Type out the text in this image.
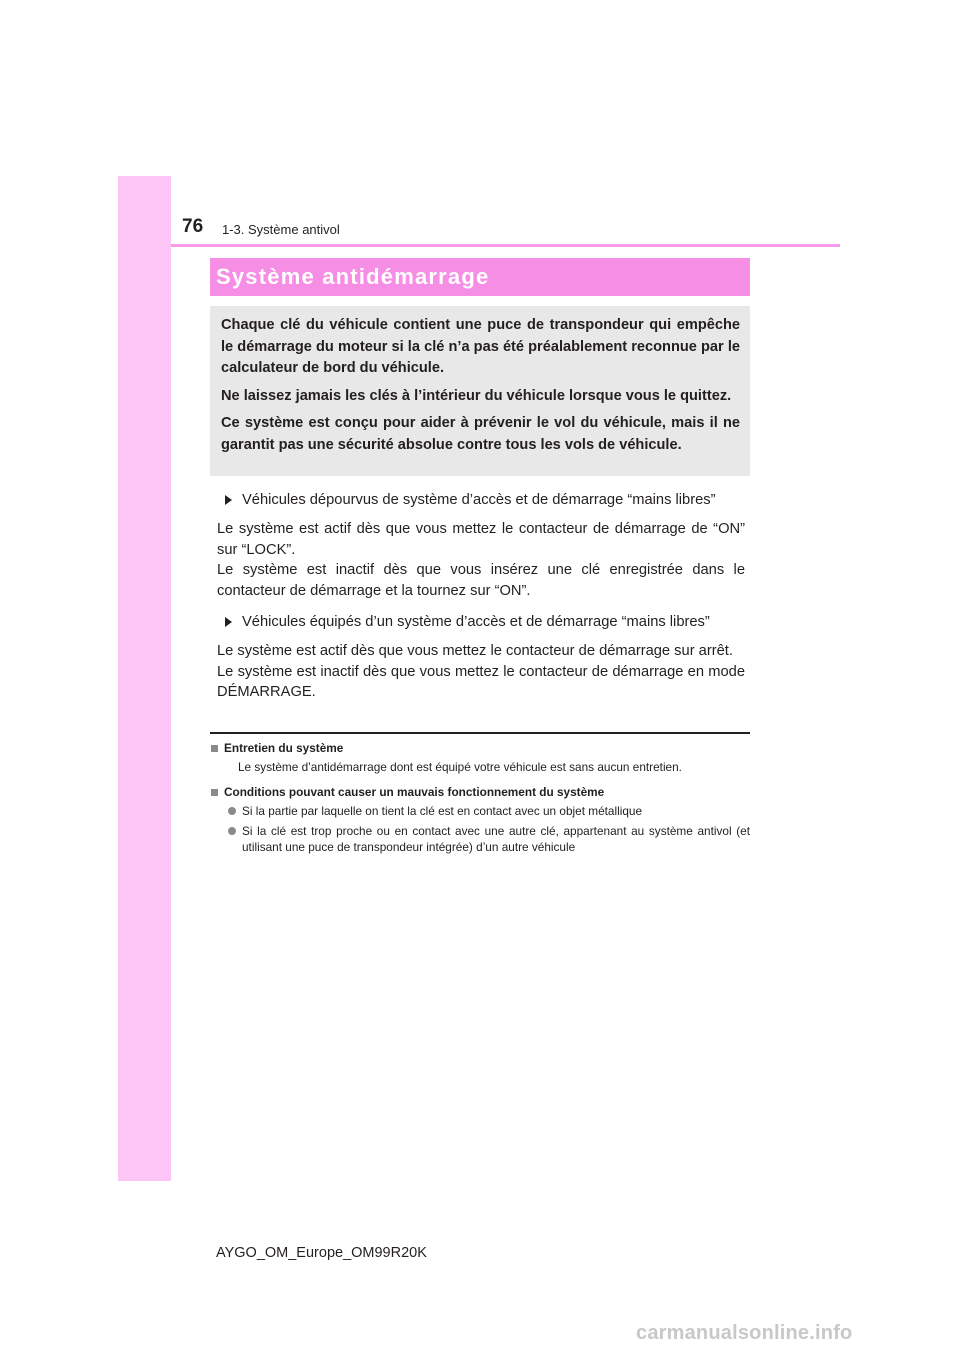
76 1-3. Système antivol
Système antidémarrage

Chaque clé du véhicule contient une puce de transpondeur qui empêche le démarrage du moteur si la clé n’a pas été préalablement reconnue par le calculateur de bord du véhicule.

Ne laissez jamais les clés à l’intérieur du véhicule lorsque vous le quittez.

Ce système est conçu pour aider à prévenir le vol du véhicule, mais il ne garantit pas une sécurité absolue contre tous les vols de véhicule.

Véhicules dépourvus de système d’accès et de démarrage “mains libres”
Le système est actif dès que vous mettez le contacteur de démarrage de “ON” sur “LOCK”.
Le système est inactif dès que vous insérez une clé enregistrée dans le contacteur de démarrage et la tournez sur “ON”.
Véhicules équipés d’un système d’accès et de démarrage “mains libres”
Le système est actif dès que vous mettez le contacteur de démarrage sur arrêt.
Le système est inactif dès que vous mettez le contacteur de démarrage en mode DÉMARRAGE.
Entretien du système
Le système d’antidémarrage dont est équipé votre véhicule est sans aucun entretien.
Conditions pouvant causer un mauvais fonctionnement du système
Si la partie par laquelle on tient la clé est en contact avec un objet métallique
Si la clé est trop proche ou en contact avec une autre clé, appartenant au système antivol (et utilisant une puce de transpondeur intégrée) d’un autre véhicule
AYGO_OM_Europe_OM99R20K
carmanualsonline.info
